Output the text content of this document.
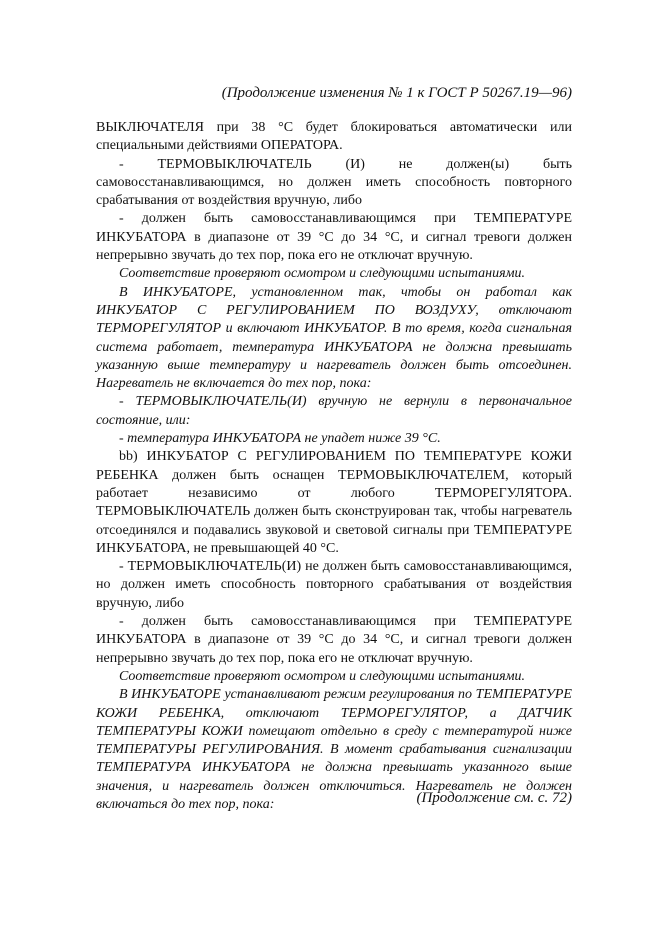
(Продолжение изменения № 1 к ГОСТ Р 50267.19—96)

ВЫКЛЮЧАТЕЛЯ при 38 °С будет блокироваться автоматически или специальными действиями ОПЕРАТОРА.

- ТЕРМОВЫКЛЮЧАТЕЛЬ (И) не должен(ы) быть самовосстанавливающимся, но должен иметь способность повторного срабатывания от воздействия вручную, либо

- должен быть самовосстанавливающимся при ТЕМПЕРАТУРЕ ИНКУБАТОРА в диапазоне от 39 °С до 34 °С, и сигнал тревоги должен непрерывно звучать до тех пор, пока его не отключат вручную.

Соответствие проверяют осмотром и следующими испытаниями.

В ИНКУБАТОРЕ, установленном так, чтобы он работал как ИНКУБАТОР С РЕГУЛИРОВАНИЕМ ПО ВОЗДУХУ, отключают ТЕРМОРЕГУЛЯТОР и включают ИНКУБАТОР. В то время, когда сигнальная система работает, температура ИНКУБАТОРА не должна превышать указанную выше температуру и нагреватель должен быть отсоединен. Нагреватель не включается до тех пор, пока:

- ТЕРМОВЫКЛЮЧАТЕЛЬ(И) вручную не вернули в первоначальное состояние, или:

- температура ИНКУБАТОРА не упадет ниже 39 °С.

bb) ИНКУБАТОР С РЕГУЛИРОВАНИЕМ ПО ТЕМПЕРАТУРЕ КОЖИ РЕБЕНКА должен быть оснащен ТЕРМОВЫКЛЮЧАТЕЛЕМ, который работает независимо от любого ТЕРМОРЕГУЛЯТОРА. ТЕРМОВЫКЛЮЧАТЕЛЬ должен быть сконструирован так, чтобы нагреватель отсоединялся и подавались звуковой и световой сигналы при ТЕМПЕРАТУРЕ ИНКУБАТОРА, не превышающей 40 °С.

- ТЕРМОВЫКЛЮЧАТЕЛЬ(И) не должен быть самовосстанавливающимся, но должен иметь способность повторного срабатывания от воздействия вручную, либо

- должен быть самовосстанавливающимся при ТЕМПЕРАТУРЕ ИНКУБАТОРА в диапазоне от 39 °С до 34 °С, и сигнал тревоги должен непрерывно звучать до тех пор, пока его не отключат вручную.

Соответствие проверяют осмотром и следующими испытаниями.

В ИНКУБАТОРЕ устанавливают режим регулирования по ТЕМПЕРАТУРЕ КОЖИ РЕБЕНКА, отключают ТЕРМОРЕГУЛЯТОР, а ДАТЧИК ТЕМПЕРАТУРЫ КОЖИ помещают отдельно в среду с температурой ниже ТЕМПЕРАТУРЫ РЕГУЛИРОВАНИЯ. В момент срабатывания сигнализации ТЕМПЕРАТУРА ИНКУБАТОРА не должна превышать указанного выше значения, и нагреватель должен отключиться. Нагреватель не должен включаться до тех пор, пока:	(Продолжение см. с. 72)
